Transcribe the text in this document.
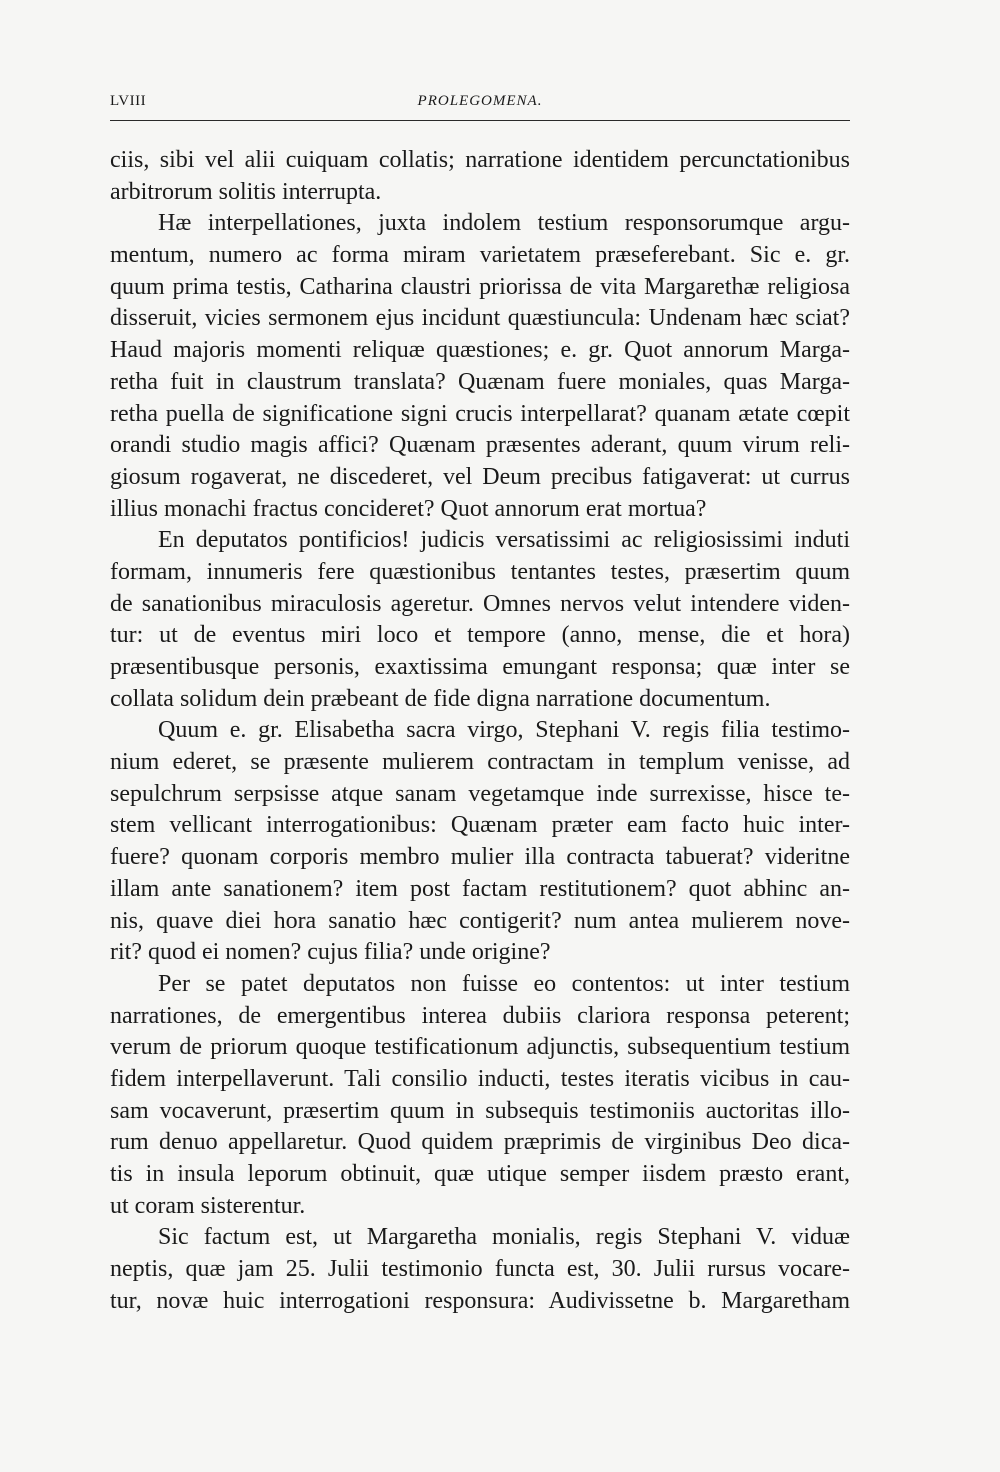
LVIII	PROLEGOMENA.
ciis, sibi vel alii cuiquam collatis; narratione identidem percunctationibus
arbitrorum solitis interrupta.
Hæ interpellationes, juxta indolem testium responsorumque argu-
mentum, numero ac forma miram varietatem præseferebant. Sic e. gr.
quum prima testis, Catharina claustri priorissa de vita Margarethæ religiosa
disseruit, vicies sermonem ejus incidunt quæstiuncula: Undenam hæc sciat?
Haud majoris momenti reliquæ quæstiones; e. gr. Quot annorum Marga-
retha fuit in claustrum translata? Quænam fuere moniales, quas Marga-
retha puella de significatione signi crucis interpellarat? quanam ætate cœpit
orandi studio magis affici? Quænam præsentes aderant, quum virum reli-
giosum rogaverat, ne discederet, vel Deum precibus fatigaverat: ut currus
illius monachi fractus concideret? Quot annorum erat mortua?
En deputatos pontificios! judicis versatissimi ac religiosissimi induti
formam, innumeris fere quæstionibus tentantes testes, præsertim quum
de sanationibus miraculosis ageretur. Omnes nervos velut intendere viden-
tur: ut de eventus miri loco et tempore (anno, mense, die et hora)
præsentibusque personis, exaxtissima emungant responsa; quæ inter se
collata solidum dein præbeant de fide digna narratione documentum.
Quum e. gr. Elisabetha sacra virgo, Stephani V. regis filia testimo-
nium ederet, se præsente mulierem contractam in templum venisse, ad
sepulchrum serpsisse atque sanam vegetamque inde surrexisse, hisce te-
stem vellicant interrogationibus: Quænam præter eam facto huic inter-
fuere? quonam corporis membro mulier illa contracta tabuerat? videritne
illam ante sanationem? item post factam restitutionem? quot abhinc an-
nis, quave diei hora sanatio hæc contigerit? num antea mulierem nove-
rit? quod ei nomen? cujus filia? unde origine?
Per se patet deputatos non fuisse eo contentos: ut inter testium
narrationes, de emergentibus interea dubiis clariora responsa peterent;
verum de priorum quoque testificationum adjunctis, subsequentium testium
fidem interpellaverunt. Tali consilio inducti, testes iteratis vicibus in cau-
sam vocaverunt, præsertim quum in subsequis testimoniis auctoritas illo-
rum denuo appellaretur. Quod quidem præprimis de virginibus Deo dica-
tis in insula leporum obtinuit, quæ utique semper iisdem præsto erant,
ut coram sisterentur.
Sic factum est, ut Margaretha monialis, regis Stephani V. viduæ
neptis, quæ jam 25. Julii testimonio functa est, 30. Julii rursus vocare-
tur, novæ huic interrogationi responsura: Audivissetne b. Margaretham
